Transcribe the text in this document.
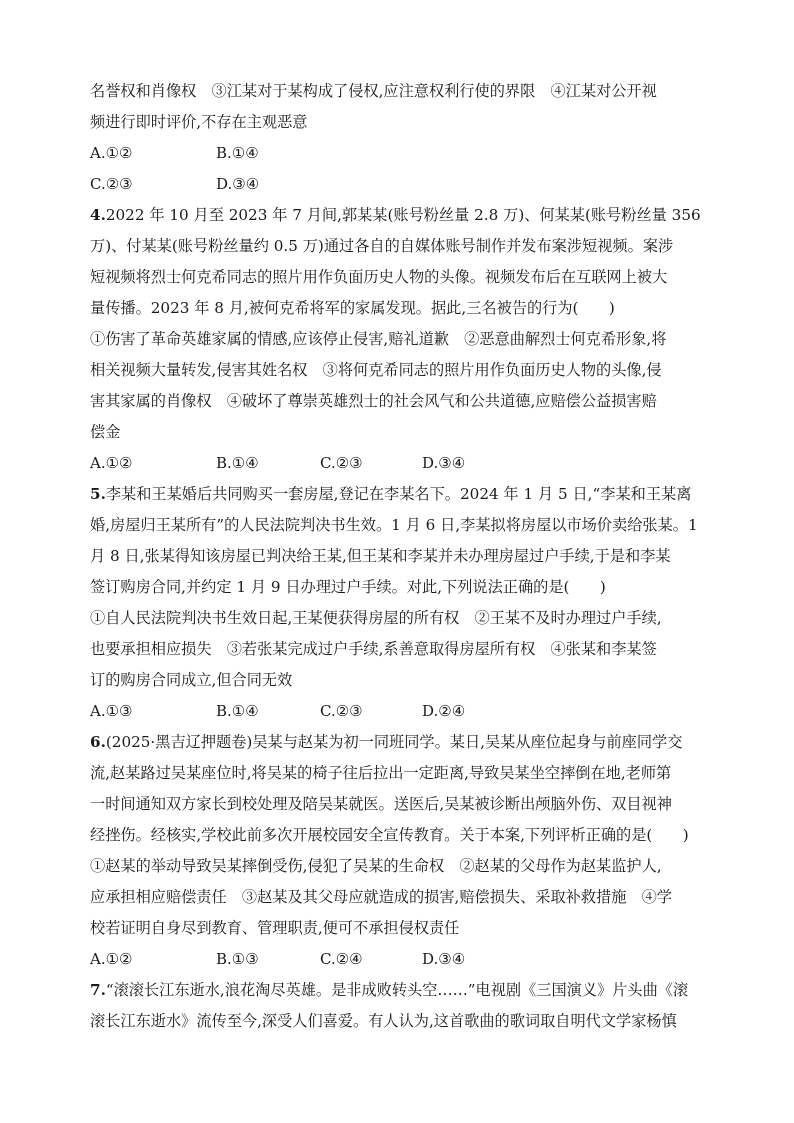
名誉权和肖像权　③江某对于某构成了侵权,应注意权利行使的界限　④江某对公开视
频进行即时评价,不存在主观恶意
A.①②	B.①④
C.②③	D.③④
4.2022 年 10 月至 2023 年 7 月间,郭某某(账号粉丝量 2.8 万)、何某某(账号粉丝量 356
万)、付某某(账号粉丝量约 0.5 万)通过各自的自媒体账号制作并发布案涉短视频。案涉
短视频将烈士何克希同志的照片用作负面历史人物的头像。视频发布后在互联网上被大
量传播。2023 年 8 月,被何克希将军的家属发现。据此,三名被告的行为(　　)
①伤害了革命英雄家属的情感,应该停止侵害,赔礼道歉　②恶意曲解烈士何克希形象,将
相关视频大量转发,侵害其姓名权　③将何克希同志的照片用作负面历史人物的头像,侵
害其家属的肖像权　④破坏了尊崇英雄烈士的社会风气和公共道德,应赔偿公益损害赔
偿金
A.①②	B.①④	C.②③	D.③④
5.李某和王某婚后共同购买一套房屋,登记在李某名下。2024 年 1 月 5 日,“李某和王某离
婚,房屋归王某所有”的人民法院判决书生效。1 月 6 日,李某拟将房屋以市场价卖给张某。1
月 8 日,张某得知该房屋已判决给王某,但王某和李某并未办理房屋过户手续,于是和李某
签订购房合同,并约定 1 月 9 日办理过户手续。对此,下列说法正确的是(　　)
①自人民法院判决书生效日起,王某便获得房屋的所有权　②王某不及时办理过户手续,
也要承担相应损失　③若张某完成过户手续,系善意取得房屋所有权　④张某和李某签
订的购房合同成立,但合同无效
A.①③	B.①④	C.②③	D.②④
6.(2025·黑吉辽押题卷)吴某与赵某为初一同班同学。某日,吴某从座位起身与前座同学交
流,赵某路过吴某座位时,将吴某的椅子往后拉出一定距离,导致吴某坐空摔倒在地,老师第
一时间通知双方家长到校处理及陪吴某就医。送医后,吴某被诊断出颅脑外伤、双目视神
经挫伤。经核实,学校此前多次开展校园安全宣传教育。关于本案,下列评析正确的是(　　)
①赵某的举动导致吴某摔倒受伤,侵犯了吴某的生命权　②赵某的父母作为赵某监护人,
应承担相应赔偿责任　③赵某及其父母应就造成的损害,赔偿损失、采取补救措施　④学
校若证明自身尽到教育、管理职责,便可不承担侵权责任
A.①②	B.①③	C.②④	D.③④
7.“滚滚长江东逝水,浪花淘尽英雄。是非成败转头空……”电视剧《三国演义》片头曲《滚
滚长江东逝水》流传至今,深受人们喜爱。有人认为,这首歌曲的歌词取自明代文学家杨慎
